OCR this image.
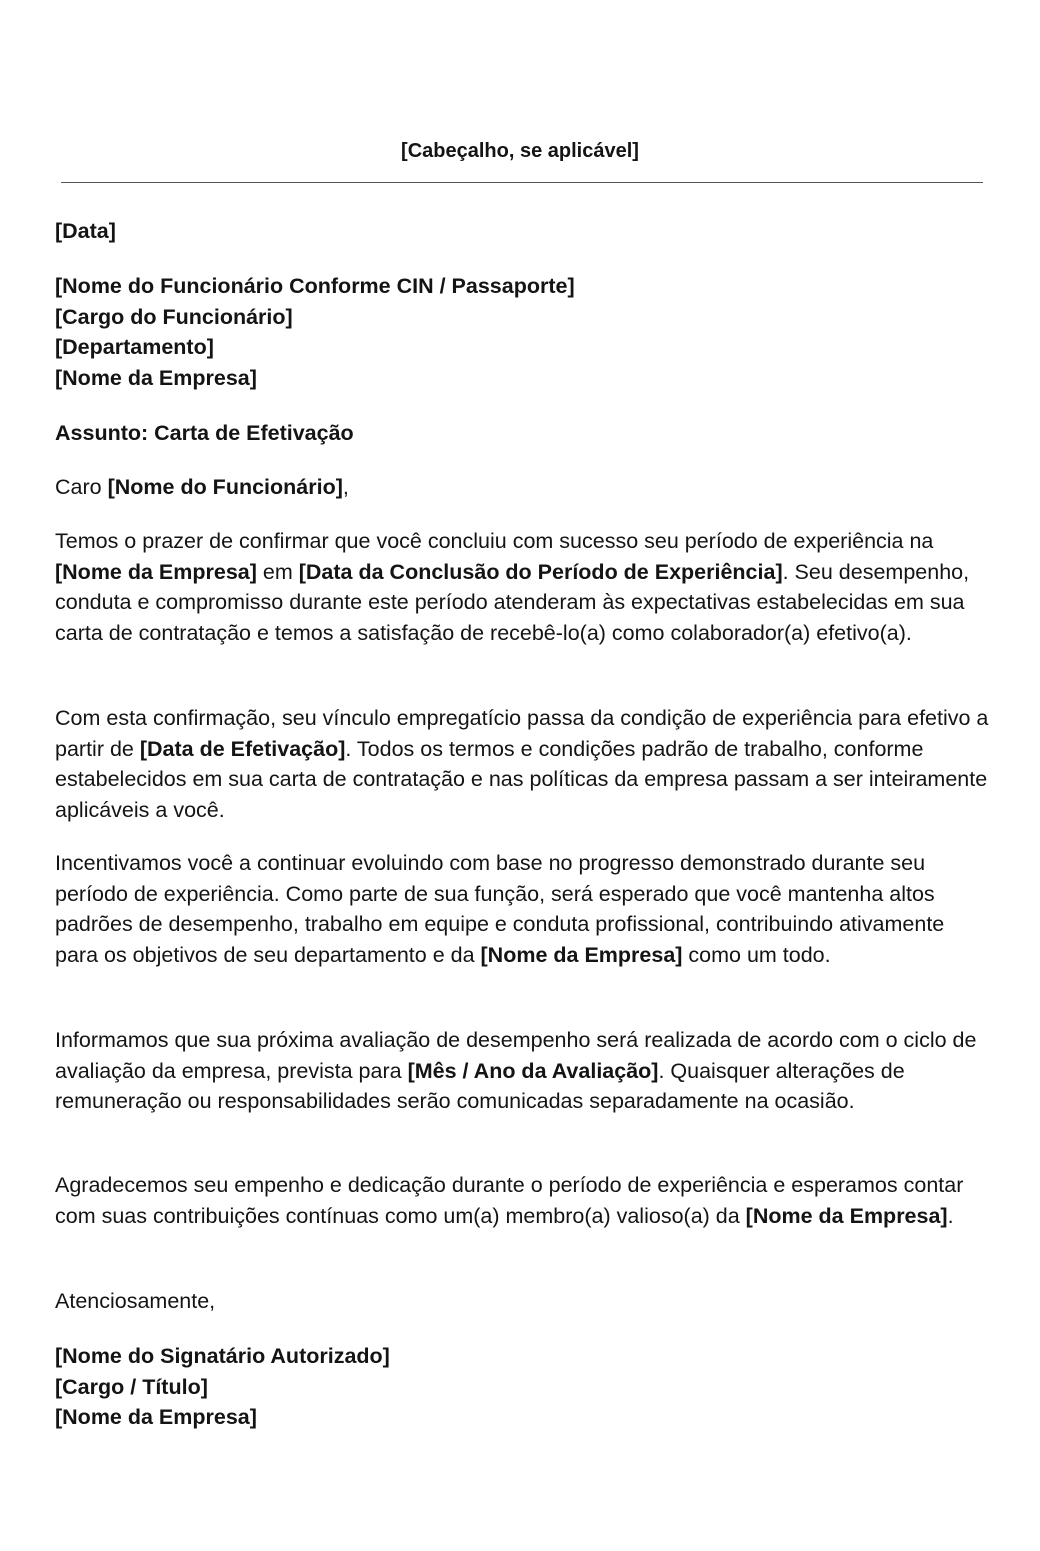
[Cabeçalho, se aplicável]
[Data]

[Nome do Funcionário Conforme CIN / Passaporte]

[Cargo do Funcionário]

[Departamento]

[Nome da Empresa]

Assunto: Carta de Efetivação
Caro [Nome do Funcionário],

Temos o prazer de confirmar que você concluiu com sucesso seu período de experiência na [Nome da Empresa] em [Data da Conclusão do Período de Experiência]. Seu desempenho, conduta e compromisso durante este período atenderam às expectativas estabelecidas em sua carta de contratação e temos a satisfação de recebê-lo(a) como colaborador(a) efetivo(a).

Com esta confirmação, seu vínculo empregatício passa da condição de experiência para efetivo a partir de [Data de Efetivação]. Todos os termos e condições padrão de trabalho, conforme estabelecidos em sua carta de contratação e nas políticas da empresa passam a ser inteiramente aplicáveis a você.

Incentivamos você a continuar evoluindo com base no progresso demonstrado durante seu período de experiência. Como parte de sua função, será esperado que você mantenha altos padrões de desempenho, trabalho em equipe e conduta profissional, contribuindo ativamente para os objetivos de seu departamento e da [Nome da Empresa] como um todo.

Informamos que sua próxima avaliação de desempenho será realizada de acordo com o ciclo de avaliação da empresa, prevista para [Mês / Ano da Avaliação]. Quaisquer alterações de remuneração ou responsabilidades serão comunicadas separadamente na ocasião.

Agradecemos seu empenho e dedicação durante o período de experiência e esperamos contar com suas contribuições contínuas como um(a) membro(a) valioso(a) da [Nome da Empresa].

Atenciosamente,

[Nome do Signatário Autorizado]

[Cargo / Título]

[Nome da Empresa]
